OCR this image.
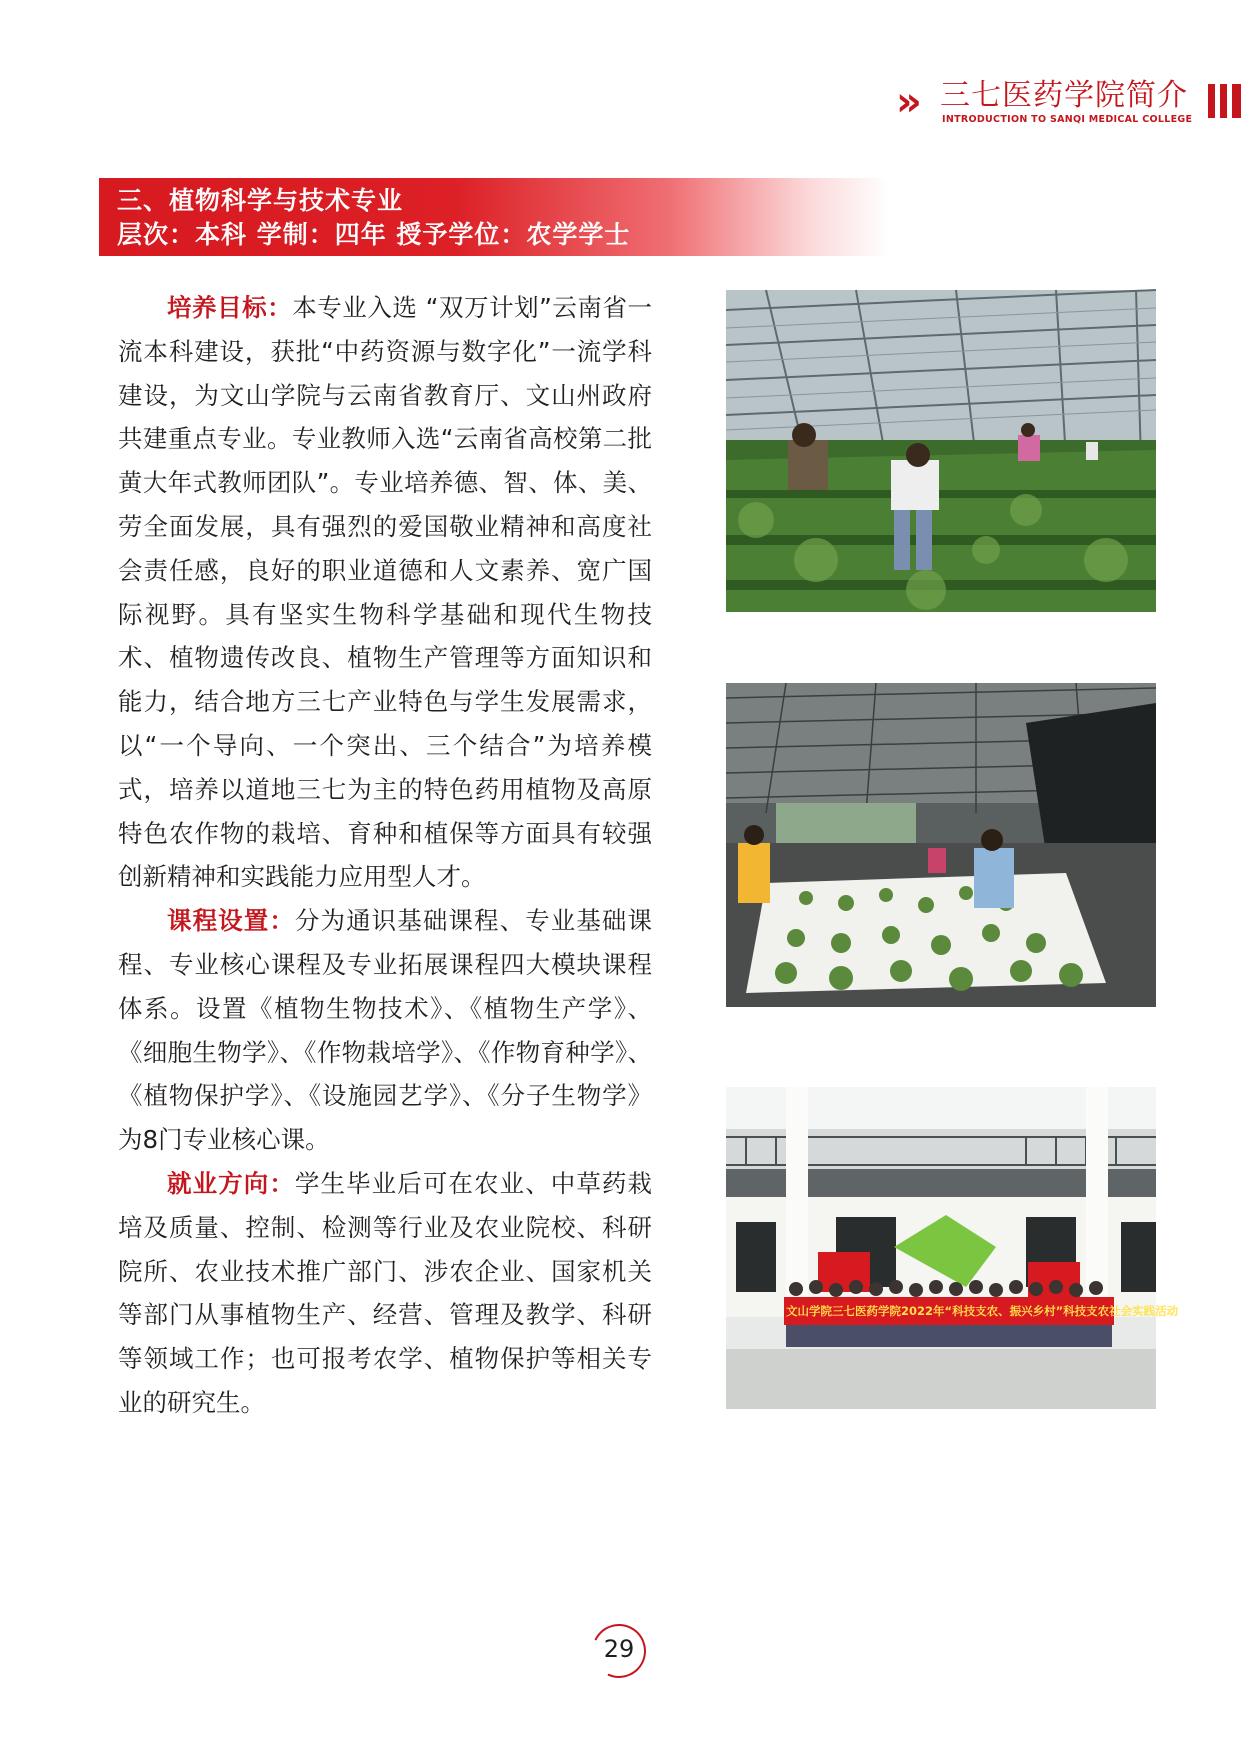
» 三七医药学院简介
INTRODUCTION TO SANQI MEDICAL COLLEGE
三、植物科学与技术专业
层次：本科 学制：四年 授予学位：农学学士

培养目标：本专业入选 “双万计划”云南省一流本科建设，获批“中药资源与数字化”一流学科建设，为文山学院与云南省教育厅、文山州政府共建重点专业。专业教师入选“云南省高校第二批黄大年式教师团队”。专业培养德、智、体、美、劳全面发展，具有强烈的爱国敬业精神和高度社会责任感，良好的职业道德和人文素养、宽广国际视野。具有坚实生物科学基础和现代生物技术、植物遗传改良、植物生产管理等方面知识和能力，结合地方三七产业特色与学生发展需求，以“一个导向、一个突出、三个结合”为培养模式，培养以道地三七为主的特色药用植物及高原特色农作物的栽培、育种和植保等方面具有较强创新精神和实践能力应用型人才。

课程设置：分为通识基础课程、专业基础课程、专业核心课程及专业拓展课程四大模块课程体系。设置《植物生物技术》、《植物生产学》、《细胞生物学》、《作物栽培学》、《作物育种学》、《植物保护学》、《设施园艺学》、《分子生物学》为8门专业核心课。

就业方向：学生毕业后可在农业、中草药栽培及质量、控制、检测等行业及农业院校、科研院所、农业技术推广部门、涉农企业、国家机关等部门从事植物生产、经营、管理及教学、科研等领域工作；也可报考农学、植物保护等相关专业的研究生。

文山学院三七医药学院2022年“科技支农、振兴乡村”科技支农社会实践活动
29
